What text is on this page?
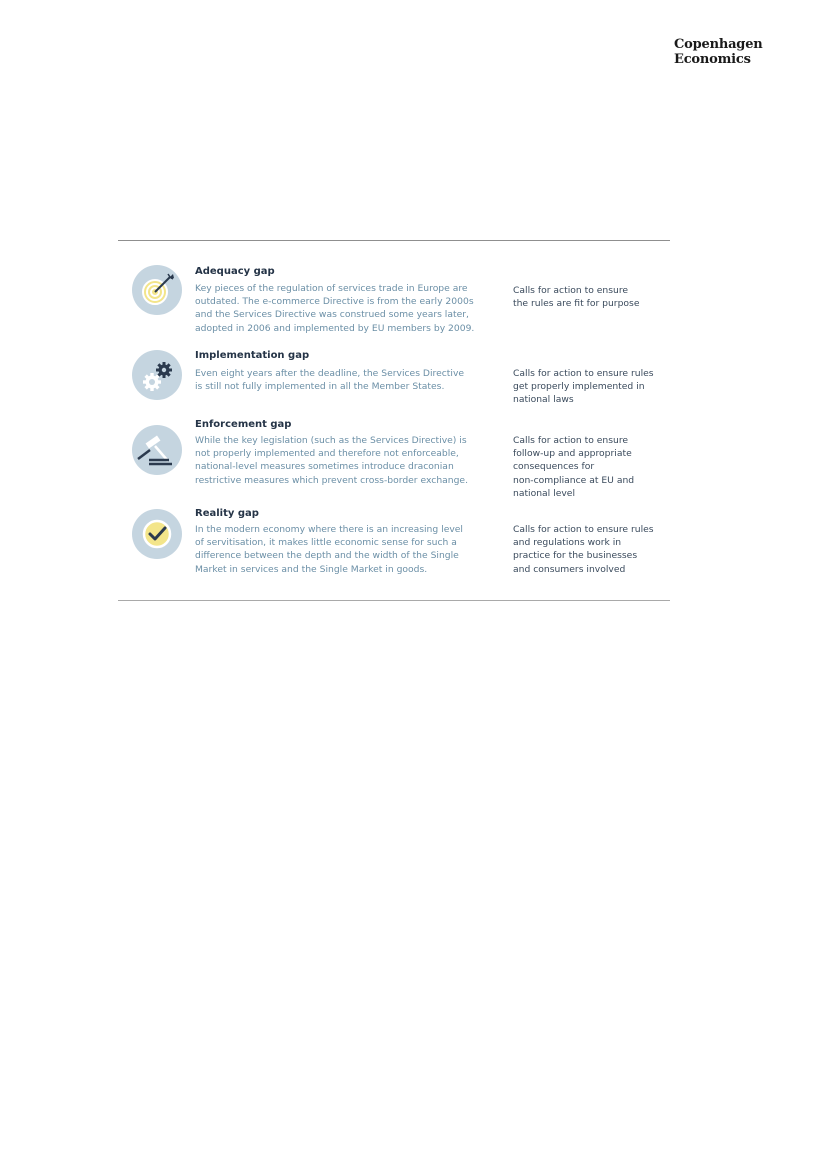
Copenhagen
Economics
Adequacy gap
Key pieces of the regulation of services trade in Europe are
outdated. The e-commerce Directive is from the early 2000s
and the Services Directive was construed some years later,
adopted in 2006 and implemented by EU members by 2009.
Calls for action to ensure
the rules are fit for purpose
Implementation gap
Even eight years after the deadline, the Services Directive
is still not fully implemented in all the Member States.
Calls for action to ensure rules
get properly implemented in
national laws
Enforcement gap
While the key legislation (such as the Services Directive) is
not properly implemented and therefore not enforceable,
national-level measures sometimes introduce draconian
restrictive measures which prevent cross-border exchange.
Calls for action to ensure
follow-up and appropriate
consequences for
non-compliance at EU and
national level
Reality gap
In the modern economy where there is an increasing level
of servitisation, it makes little economic sense for such a
difference between the depth and the width of the Single
Market in services and the Single Market in goods.
Calls for action to ensure rules
and regulations work in
practice for the businesses
and consumers involved
